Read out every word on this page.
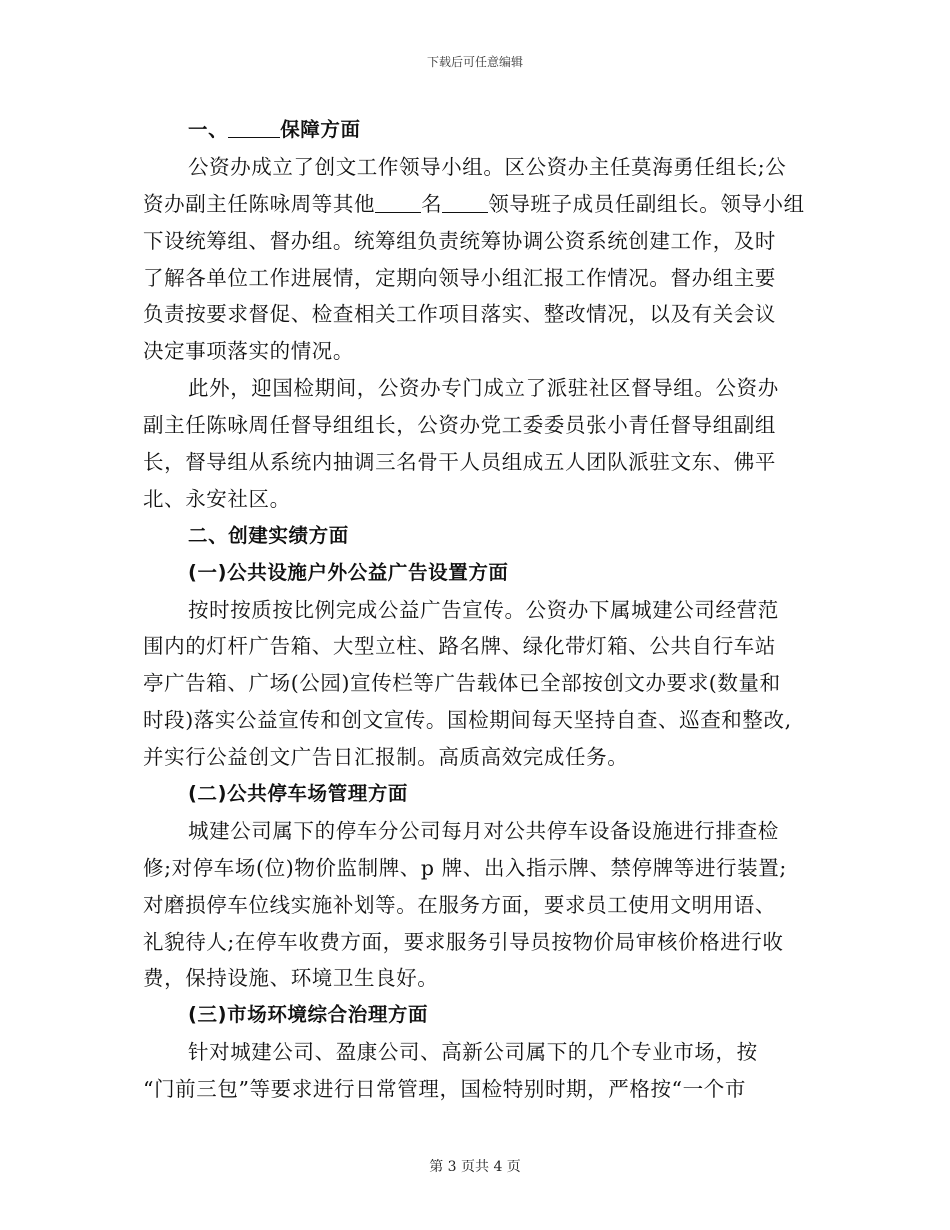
下载后可任意编辑
一、	保障方面
公资办成立了创文工作领导小组。区公资办主任莫海勇任组长;公
资办副主任陈咏周等其他 名 领导班子成员任副组长。领导小组
下设统筹组、督办组。统筹组负责统筹协调公资系统创建工作，及时
了解各单位工作进展情，定期向领导小组汇报工作情况。督办组主要
负责按要求督促、检查相关工作项目落实、整改情况，以及有关会议
决定事项落实的情况。
此外，迎国检期间，公资办专门成立了派驻社区督导组。公资办
副主任陈咏周任督导组组长，公资办党工委委员张小青任督导组副组
长，督导组从系统内抽调三名骨干人员组成五人团队派驻文东、佛平
北、永安社区。
二、创建实绩方面
(一)公共设施户外公益广告设置方面
按时按质按比例完成公益广告宣传。公资办下属城建公司经营范
围内的灯杆广告箱、大型立柱、路名牌、绿化带灯箱、公共自行车站
亭广告箱、广场(公园)宣传栏等广告载体已全部按创文办要求(数量和
时段)落实公益宣传和创文宣传。国检期间每天坚持自查、巡查和整改,
并实行公益创文广告日汇报制。高质高效完成任务。
(二)公共停车场管理方面
城建公司属下的停车分公司每月对公共停车设备设施进行排查检
修;对停车场(位)物价监制牌、p 牌、出入指示牌、禁停牌等进行装置;
对磨损停车位线实施补划等。在服务方面，要求员工使用文明用语、
礼貌待人;在停车收费方面，要求服务引导员按物价局审核价格进行收
费，保持设施、环境卫生良好。
(三)市场环境综合治理方面
针对城建公司、盈康公司、高新公司属下的几个专业市场，按
“门前三包”等要求进行日常管理，国检特别时期，严格按“一个市
第 3 页共 4 页
